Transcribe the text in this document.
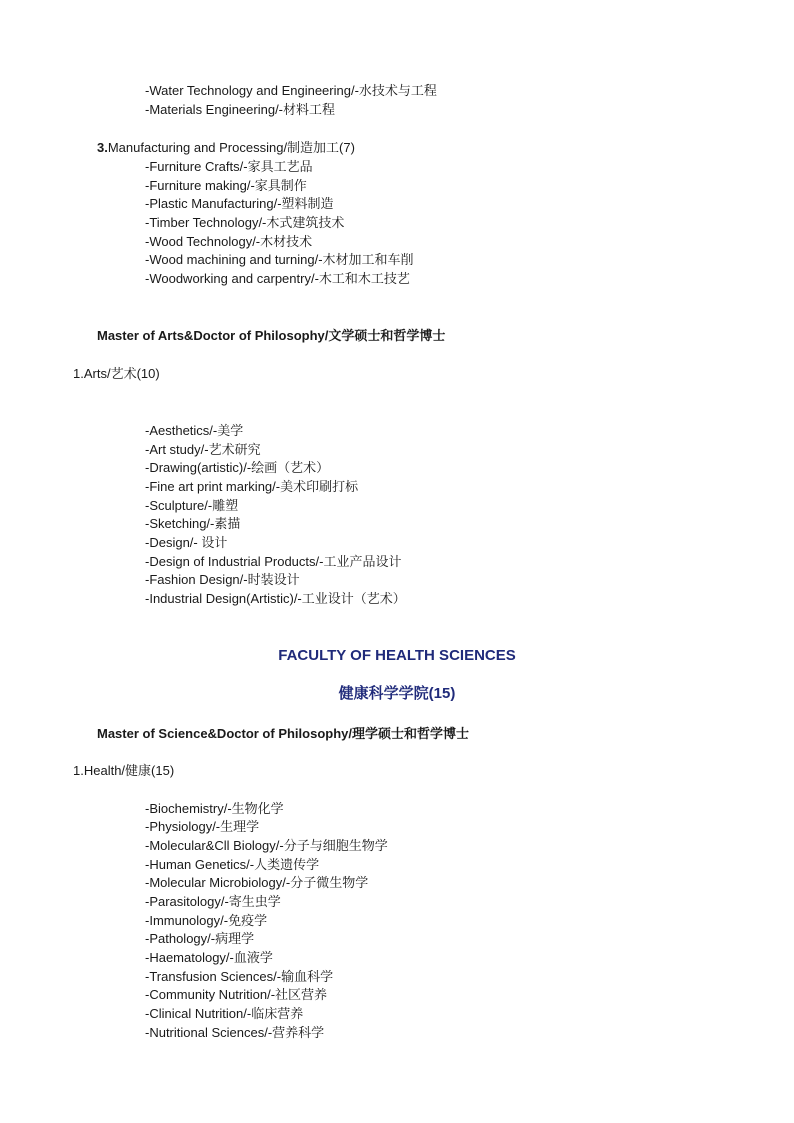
-Water Technology and Engineering/-水技术与工程
-Materials Engineering/-材料工程
3.Manufacturing and Processing/制造加工(7)
-Furniture Crafts/-家具工艺品
-Furniture making/-家具制作
-Plastic Manufacturing/-塑料制造
-Timber Technology/-木式建筑技术
-Wood Technology/-木材技术
-Wood machining and turning/-木材加工和车削
-Woodworking and carpentry/-木工和木工技艺
Master of Arts&Doctor of Philosophy/文学硕士和哲学博士
1.Arts/艺术(10)
-Aesthetics/-美学
-Art study/-艺术研究
-Drawing(artistic)/-绘画（艺术）
-Fine art print marking/-美术印刷打标
-Sculpture/-雕塑
-Sketching/-素描
-Design/- 设计
-Design of Industrial Products/-工业产品设计
-Fashion Design/-时装设计
-Industrial Design(Artistic)/-工业设计（艺术）
FACULTY OF HEALTH SCIENCES
健康科学学院(15)
Master of Science&Doctor of Philosophy/理学硕士和哲学博士
1.Health/健康(15)
-Biochemistry/-生物化学
-Physiology/-生理学
-Molecular&Cll Biology/-分子与细胞生物学
-Human Genetics/-人类遗传学
-Molecular Microbiology/-分子微生物学
-Parasitology/-寄生虫学
-Immunology/-免疫学
-Pathology/-病理学
-Haematology/-血液学
-Transfusion Sciences/-输血科学
-Community Nutrition/-社区营养
-Clinical Nutrition/-临床营养
-Nutritional Sciences/-营养科学
